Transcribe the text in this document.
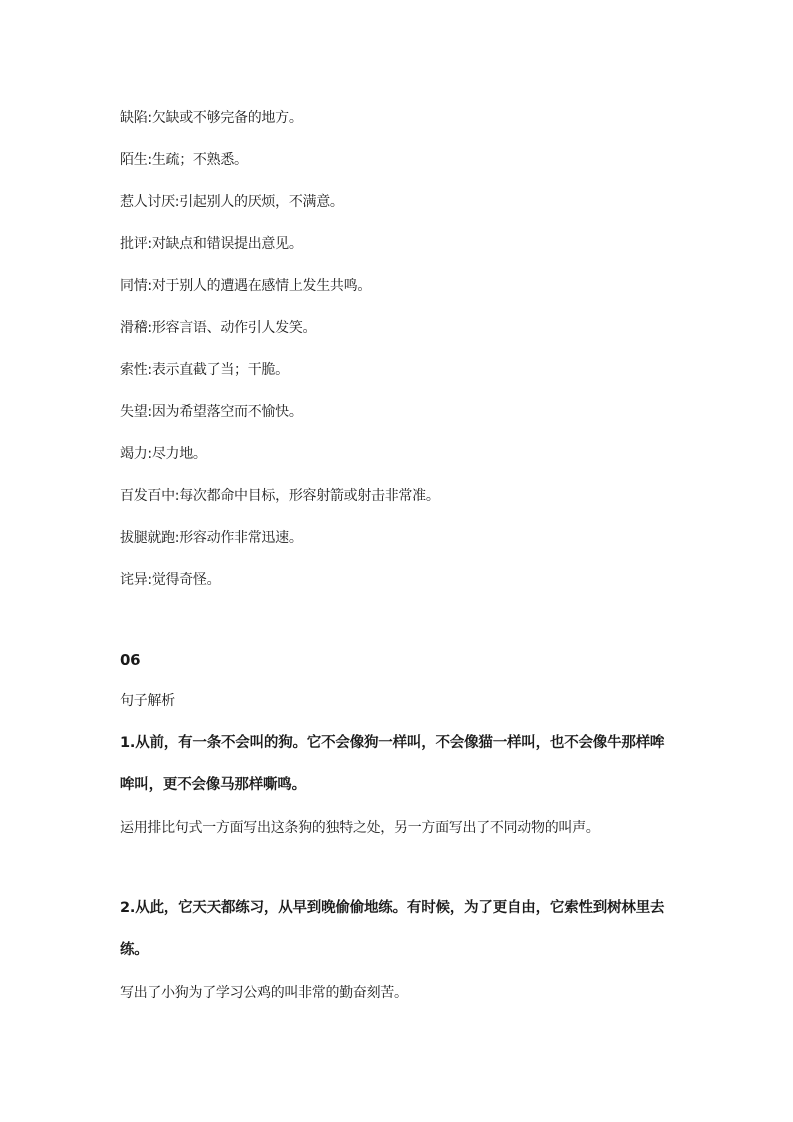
缺陷:欠缺或不够完备的地方。
陌生:生疏；不熟悉。
惹人讨厌:引起别人的厌烦，不满意。
批评:对缺点和错误提出意见。
同情:对于别人的遭遇在感情上发生共鸣。
滑稽:形容言语、动作引人发笑。
索性:表示直截了当；干脆。
失望:因为希望落空而不愉快。
竭力:尽力地。
百发百中:每次都命中目标，形容射箭或射击非常准。
拔腿就跑:形容动作非常迅速。
诧异:觉得奇怪。
06
句子解析
1.从前，有一条不会叫的狗。它不会像狗一样叫，不会像猫一样叫，也不会像牛那样哞
哞叫，更不会像马那样嘶鸣。
运用排比句式一方面写出这条狗的独特之处，另一方面写出了不同动物的叫声。
2.从此，它天天都练习，从早到晚偷偷地练。有时候，为了更自由，它索性到树林里去
练。
写出了小狗为了学习公鸡的叫非常的勤奋刻苦。
